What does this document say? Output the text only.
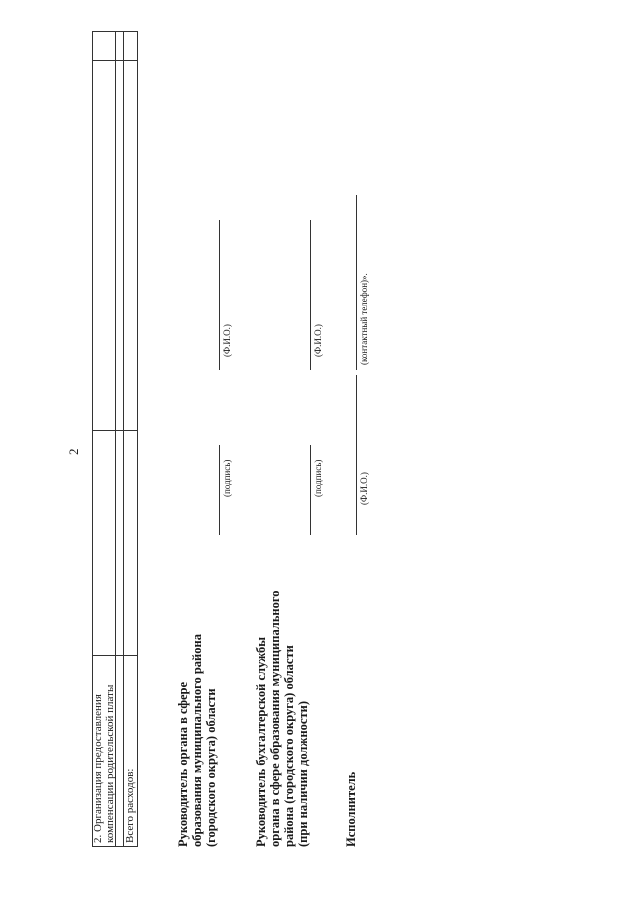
2
2. Организация предоставления компенсации родительской платы Всего расходов:	Руководитель органа в сфере образования муниципального района (городского округа) области
(подпись)
(Ф.И.О.)
Руководитель бухгалтерской службы органа в сфере образования муниципального района (городского округа) области (при наличии должности)
(подпись)
(Ф.И.О.)
Исполнитель
(Ф.И.О.)
(контактный телефон)».
